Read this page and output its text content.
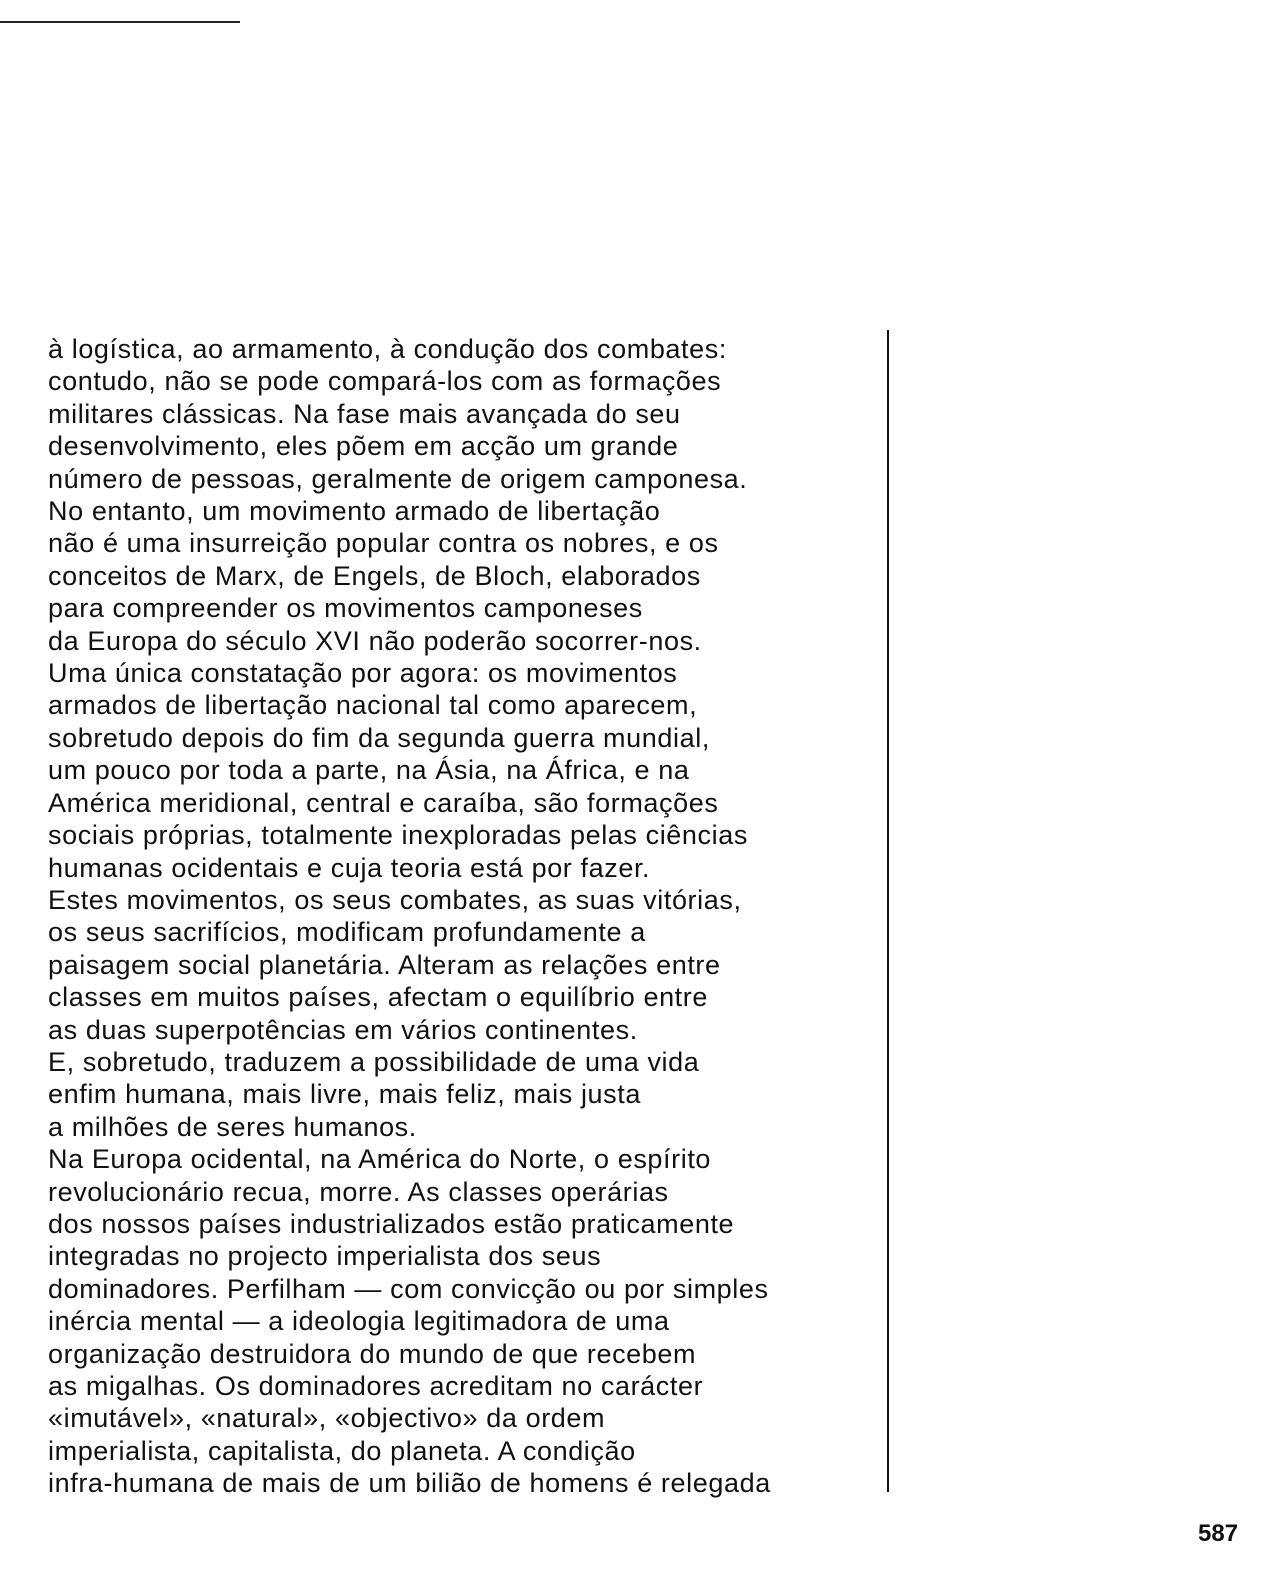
à logística, ao armamento, à condução dos combates:
contudo, não se pode compará-los com as formações
militares clássicas. Na fase mais avançada do seu
desenvolvimento, eles põem em acção um grande
número de pessoas, geralmente de origem camponesa.
No entanto, um movimento armado de libertação
não é uma insurreição popular contra os nobres, e os
conceitos de Marx, de Engels, de Bloch, elaborados
para compreender os movimentos camponeses
da Europa do século XVI não poderão socorrer-nos.
Uma única constatação por agora: os movimentos
armados de libertação nacional tal como aparecem,
sobretudo depois do fim da segunda guerra mundial,
um pouco por toda a parte, na Ásia, na África, e na
América meridional, central e caraíba, são formações
sociais próprias, totalmente inexploradas pelas ciências
humanas ocidentais e cuja teoria está por fazer.
Estes movimentos, os seus combates, as suas vitórias,
os seus sacrifícios, modificam profundamente a
paisagem social planetária. Alteram as relações entre
classes em muitos países, afectam o equilíbrio entre
as duas superpotências em vários continentes.
E, sobretudo, traduzem a possibilidade de uma vida
enfim humana, mais livre, mais feliz, mais justa
a milhões de seres humanos.
Na Europa ocidental, na América do Norte, o espírito
revolucionário recua, morre. As classes operárias
dos nossos países industrializados estão praticamente
integradas no projecto imperialista dos seus
dominadores. Perfilham — com convicção ou por simples
inércia mental — a ideologia legitimadora de uma
organização destruidora do mundo de que recebem
as migalhas. Os dominadores acreditam no carácter
«imutável», «natural», «objectivo» da ordem
imperialista, capitalista, do planeta. A condição
infra-humana de mais de um bilião de homens é relegada
587
